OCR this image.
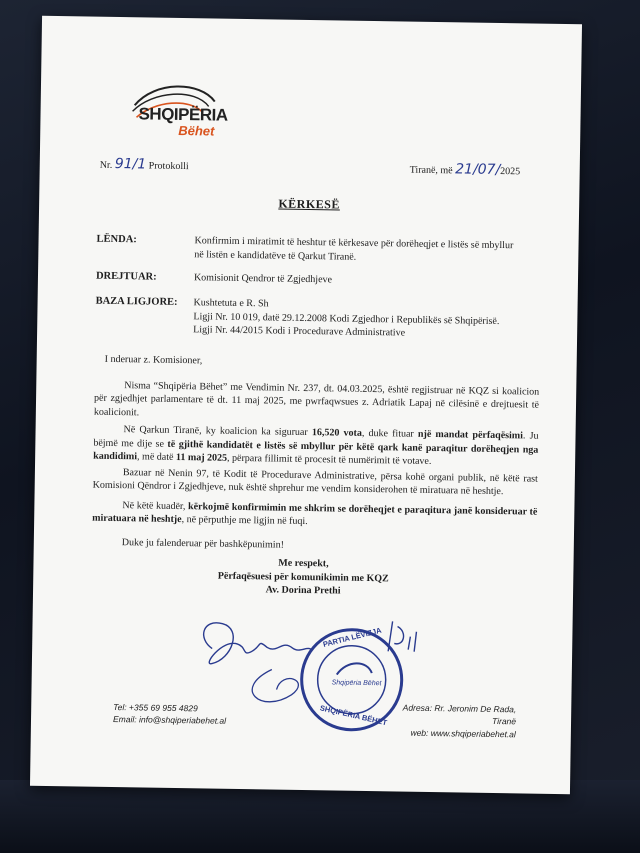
SHQIPËRIA
Bëhet
Nr. 91/1 Protokolli	Tiranë, më 21/07/2025
KËRKESË
LËNDA:	Konfirmim i miratimit të heshtur të kërkesave për dorëheqjet e listës së mbyllur në listën e kandidatëve të Qarkut Tiranë.
DREJTUAR:	Komisionit Qendror të Zgjedhjeve
BAZA LIGJORE: Kushtetuta e R. Sh
Ligji Nr. 10 019, datë 29.12.2008 Kodi Zgjedhor i Republikës së Shqipërisë.
Ligji Nr. 44/2015 Kodi i Procedurave Administrative

I nderuar z. Komisioner,

Nisma “Shqipëria Bëhet” me Vendimin Nr. 237, dt. 04.03.2025, është regjistruar në KQZ si koalicion për zgjedhjet parlamentare të dt. 11 maj 2025, me pwrfaqwsues z. Adriatik Lapaj në cilësinë e drejtuesit të koalicionit.

Në Qarkun Tiranë, ky koalicion ka siguruar 16,520 vota, duke fituar një mandat përfaqësimi. Ju bëjmë me dije se të gjithë kandidatët e listës së mbyllur për këtë qark kanë paraqitur dorëheqjen nga kandidimi, më datë 11 maj 2025, përpara fillimit të procesit të numërimit të votave.

Bazuar në Nenin 97, të Kodit të Procedurave Administrative, përsa kohë organi publik, në këtë rast Komisioni Qëndror i Zgjedhjeve, nuk është shprehur me vendim konsiderohen të miratuara në heshtje.

Në këtë kuadër, kërkojmë konfirmimin me shkrim se dorëheqjet e paraqitura janë konsideruar të miratuara në heshtje, në përputhje me ligjin në fuqi.

Duke ju falenderuar për bashkëpunimin!

Me respekt,
Përfaqësuesi për komunikimin me KQZ
Av. Dorina Prethi
PARTIA LËVIZJA
Shqipëria Bëhet
SHQIPËRIA BËHET
Tel: +355 69 955 4829
Email: info@shqiperiabehet.al
Adresa: Rr. Jeronim De Rada, Tiranë
web: www.shqiperiabehet.al
